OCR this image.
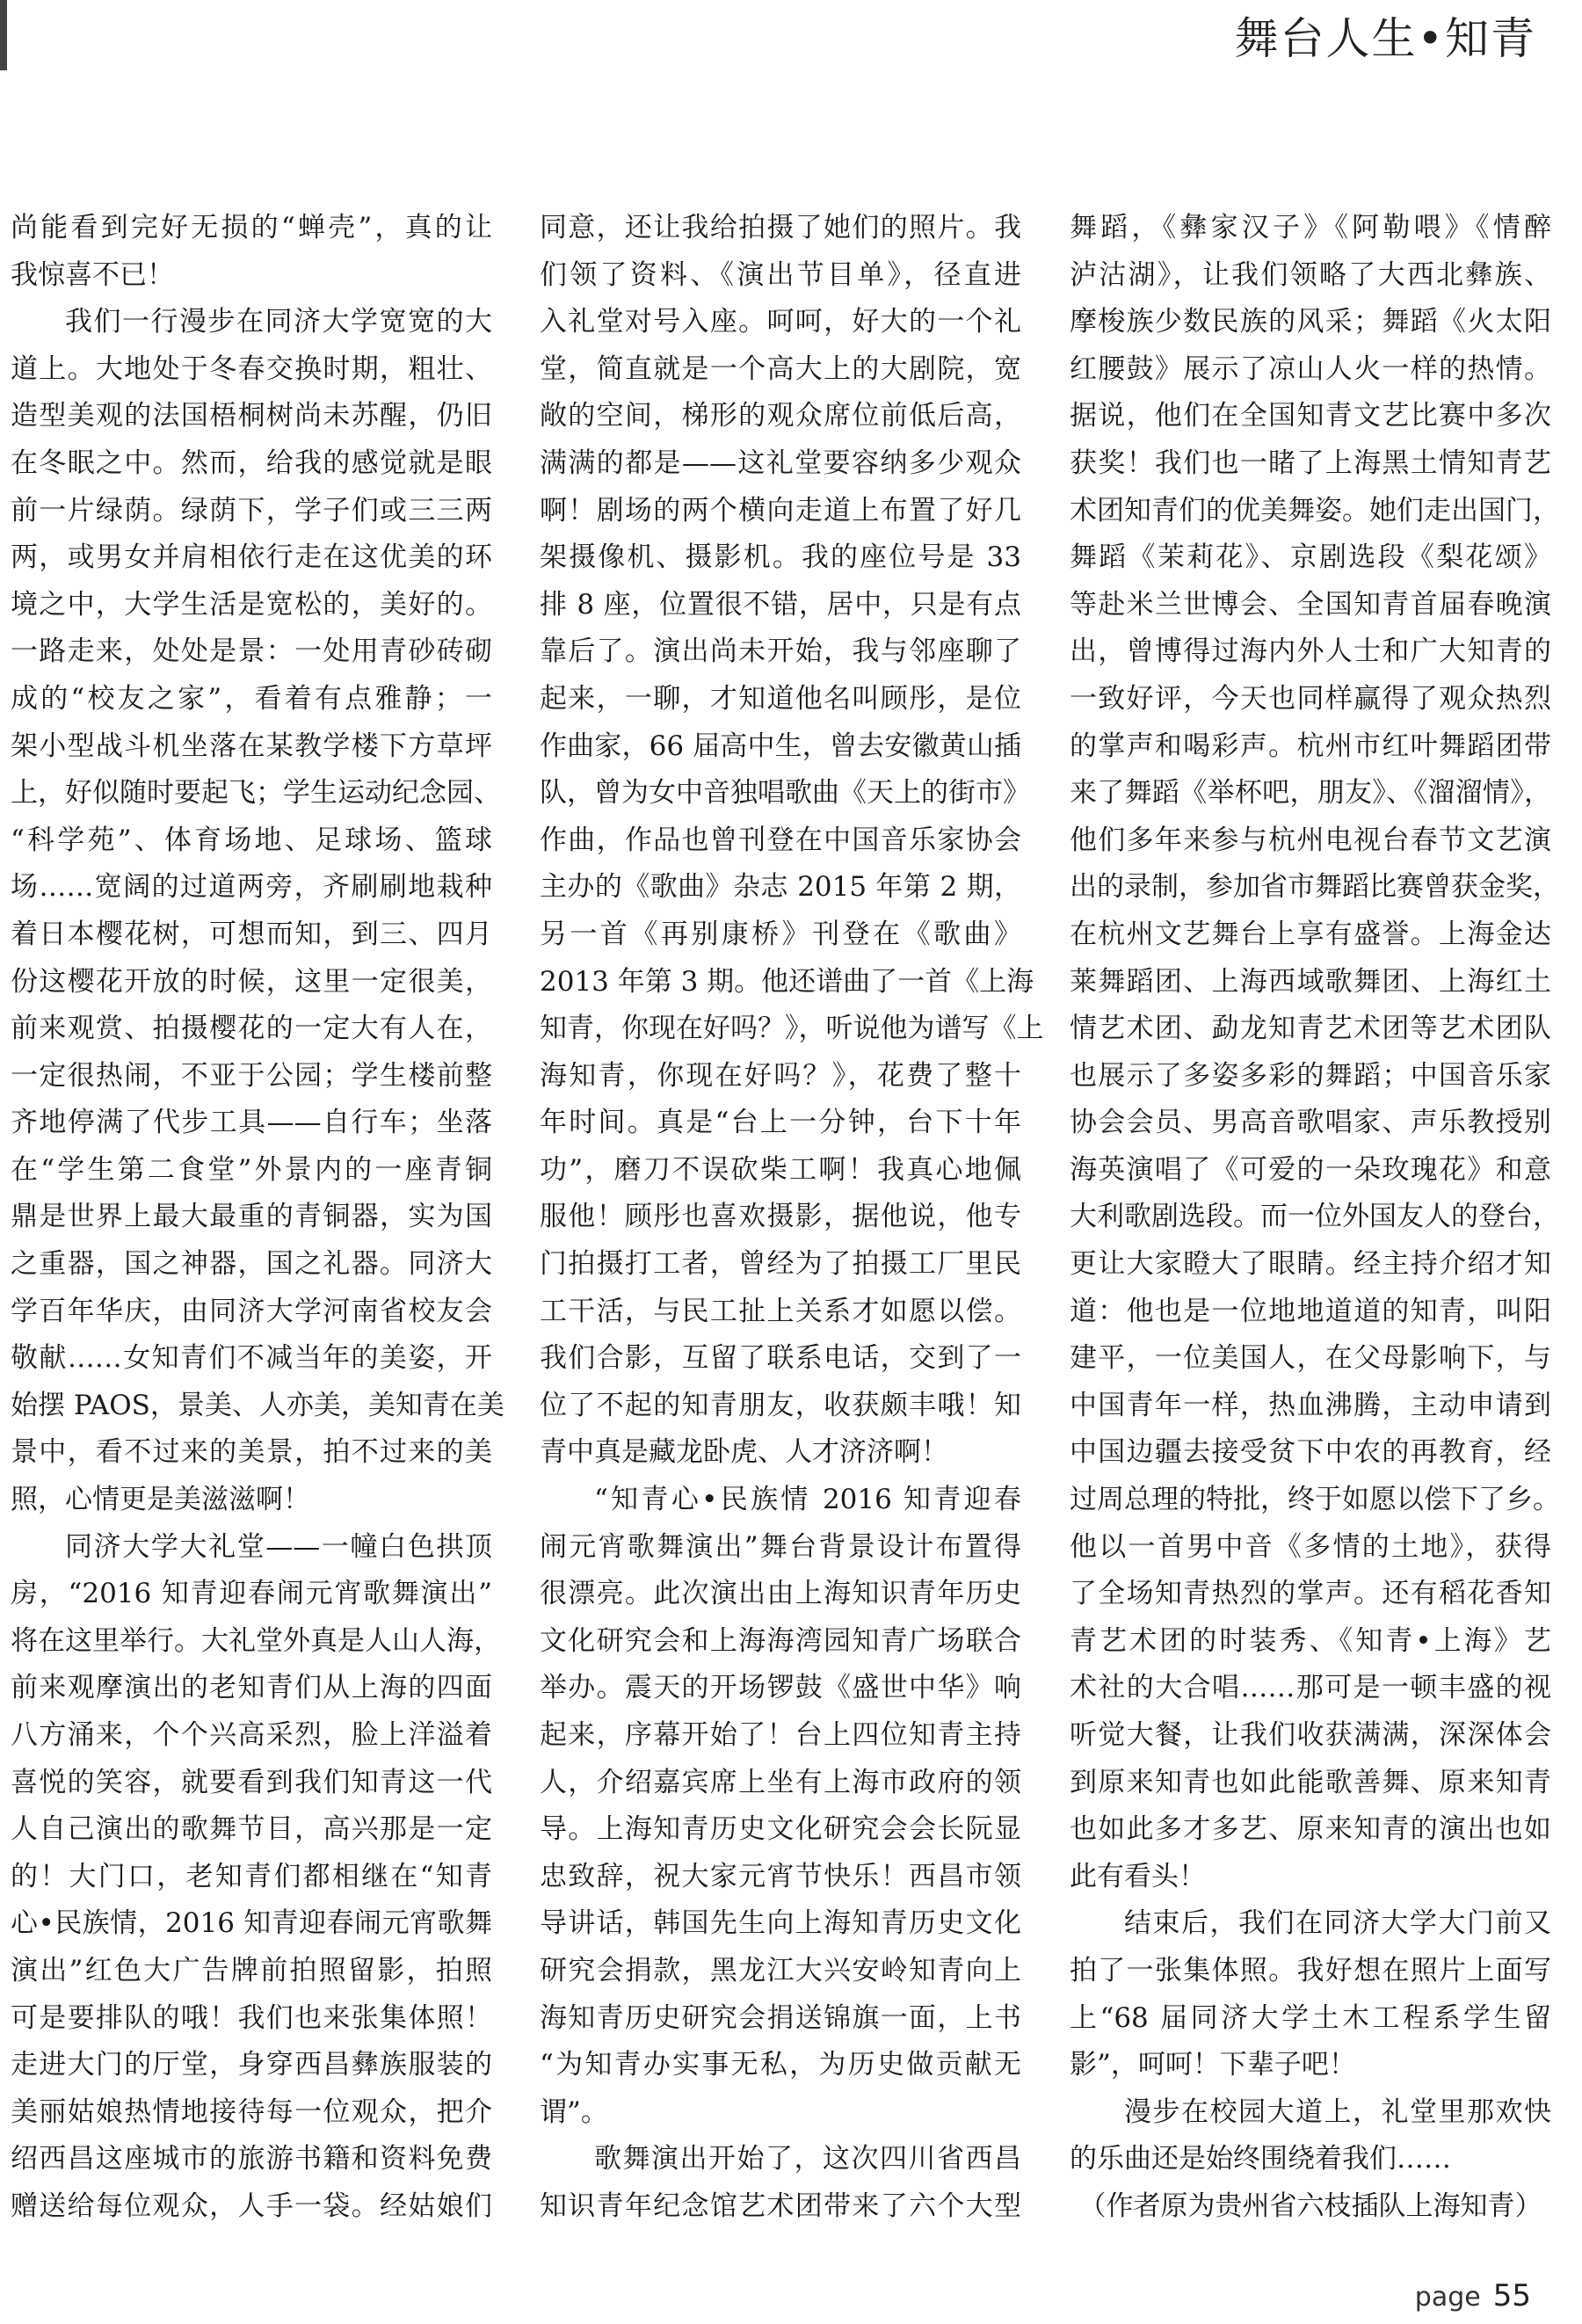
舞台人生•知青
尚能看到完好无损的“蝉壳”，真的让
我惊喜不已！
我们一行漫步在同济大学宽宽的大
道上。大地处于冬春交换时期，粗壮、
造型美观的法国梧桐树尚未苏醒，仍旧
在冬眠之中。然而，给我的感觉就是眼
前一片绿荫。绿荫下，学子们或三三两
两，或男女并肩相依行走在这优美的环
境之中，大学生活是宽松的，美好的。
一路走来，处处是景：一处用青砂砖砌
成的“校友之家”，看着有点雅静；一
架小型战斗机坐落在某教学楼下方草坪
上，好似随时要起飞；学生运动纪念园、
“科学苑”、体育场地、足球场、篮球
场……宽阔的过道两旁，齐刷刷地栽种
着日本樱花树，可想而知，到三、四月
份这樱花开放的时候，这里一定很美，
前来观赏、拍摄樱花的一定大有人在，
一定很热闹，不亚于公园；学生楼前整
齐地停满了代步工具——自行车；坐落
在“学生第二食堂”外景内的一座青铜
鼎是世界上最大最重的青铜器，实为国
之重器，国之神器，国之礼器。同济大
学百年华庆，由同济大学河南省校友会
敬献……女知青们不减当年的美姿，开
始摆 PAOS，景美、人亦美，美知青在美
景中，看不过来的美景，拍不过来的美
照，心情更是美滋滋啊！
同济大学大礼堂——一幢白色拱顶
房，“2016 知青迎春闹元宵歌舞演出”
将在这里举行。大礼堂外真是人山人海，
前来观摩演出的老知青们从上海的四面
八方涌来，个个兴高采烈，脸上洋溢着
喜悦的笑容，就要看到我们知青这一代
人自己演出的歌舞节目，高兴那是一定
的！大门口，老知青们都相继在“知青
心•民族情，2016 知青迎春闹元宵歌舞
演出”红色大广告牌前拍照留影，拍照
可是要排队的哦！我们也来张集体照！
走进大门的厅堂，身穿西昌彝族服装的
美丽姑娘热情地接待每一位观众，把介
绍西昌这座城市的旅游书籍和资料免费
赠送给每位观众，人手一袋。经姑娘们
同意，还让我给拍摄了她们的照片。我
们领了资料、《演出节目单》，径直进
入礼堂对号入座。呵呵，好大的一个礼
堂，简直就是一个高大上的大剧院，宽
敞的空间，梯形的观众席位前低后高，
满满的都是——这礼堂要容纳多少观众
啊！剧场的两个横向走道上布置了好几
架摄像机、摄影机。我的座位号是 33
排 8 座，位置很不错，居中，只是有点
靠后了。演出尚未开始，我与邻座聊了
起来，一聊，才知道他名叫顾彤，是位
作曲家，66 届高中生，曾去安徽黄山插
队，曾为女中音独唱歌曲《天上的街市》
作曲，作品也曾刊登在中国音乐家协会
主办的《歌曲》杂志 2015 年第 2 期，
另一首《再别康桥》刊登在《歌曲》
2013 年第 3 期。他还谱曲了一首《上海
知青，你现在好吗？》，听说他为谱写《上
海知青，你现在好吗？》，花费了整十
年时间。真是“台上一分钟，台下十年
功”，磨刀不误砍柴工啊！我真心地佩
服他！顾彤也喜欢摄影，据他说，他专
门拍摄打工者，曾经为了拍摄工厂里民
工干活，与民工扯上关系才如愿以偿。
我们合影，互留了联系电话，交到了一
位了不起的知青朋友，收获颇丰哦！知
青中真是藏龙卧虎、人才济济啊！
“知青心•民族情 2016 知青迎春
闹元宵歌舞演出”舞台背景设计布置得
很漂亮。此次演出由上海知识青年历史
文化研究会和上海海湾园知青广场联合
举办。震天的开场锣鼓《盛世中华》响
起来，序幕开始了！台上四位知青主持
人，介绍嘉宾席上坐有上海市政府的领
导。上海知青历史文化研究会会长阮显
忠致辞，祝大家元宵节快乐！西昌市领
导讲话，韩国先生向上海知青历史文化
研究会捐款，黑龙江大兴安岭知青向上
海知青历史研究会捐送锦旗一面，上书
“为知青办实事无私，为历史做贡献无
谓”。
歌舞演出开始了，这次四川省西昌
知识青年纪念馆艺术团带来了六个大型
舞蹈，《彝家汉子》《阿勒喂》《情醉
泸沽湖》，让我们领略了大西北彝族、
摩梭族少数民族的风采；舞蹈《火太阳
红腰鼓》展示了凉山人火一样的热情。
据说，他们在全国知青文艺比赛中多次
获奖！我们也一睹了上海黑土情知青艺
术团知青们的优美舞姿。她们走出国门，
舞蹈《茉莉花》、京剧选段《梨花颂》
等赴米兰世博会、全国知青首届春晚演
出，曾博得过海内外人士和广大知青的
一致好评，今天也同样赢得了观众热烈
的掌声和喝彩声。杭州市红叶舞蹈团带
来了舞蹈《举杯吧，朋友》、《溜溜情》，
他们多年来参与杭州电视台春节文艺演
出的录制，参加省市舞蹈比赛曾获金奖，
在杭州文艺舞台上享有盛誉。上海金达
莱舞蹈团、上海西域歌舞团、上海红土
情艺术团、勐龙知青艺术团等艺术团队
也展示了多姿多彩的舞蹈；中国音乐家
协会会员、男高音歌唱家、声乐教授别
海英演唱了《可爱的一朵玫瑰花》和意
大利歌剧选段。而一位外国友人的登台，
更让大家瞪大了眼睛。经主持介绍才知
道：他也是一位地地道道的知青，叫阳
建平，一位美国人，在父母影响下，与
中国青年一样，热血沸腾，主动申请到
中国边疆去接受贫下中农的再教育，经
过周总理的特批，终于如愿以偿下了乡。
他以一首男中音《多情的土地》，获得
了全场知青热烈的掌声。还有稻花香知
青艺术团的时装秀、《知青•上海》艺
术社的大合唱……那可是一顿丰盛的视
听觉大餐，让我们收获满满，深深体会
到原来知青也如此能歌善舞、原来知青
也如此多才多艺、原来知青的演出也如
此有看头！
结束后，我们在同济大学大门前又
拍了一张集体照。我好想在照片上面写
上“68 届同济大学土木工程系学生留
影”，呵呵！下辈子吧！
漫步在校园大道上，礼堂里那欢快
的乐曲还是始终围绕着我们……
（作者原为贵州省六枝插队上海知青）
page 55
